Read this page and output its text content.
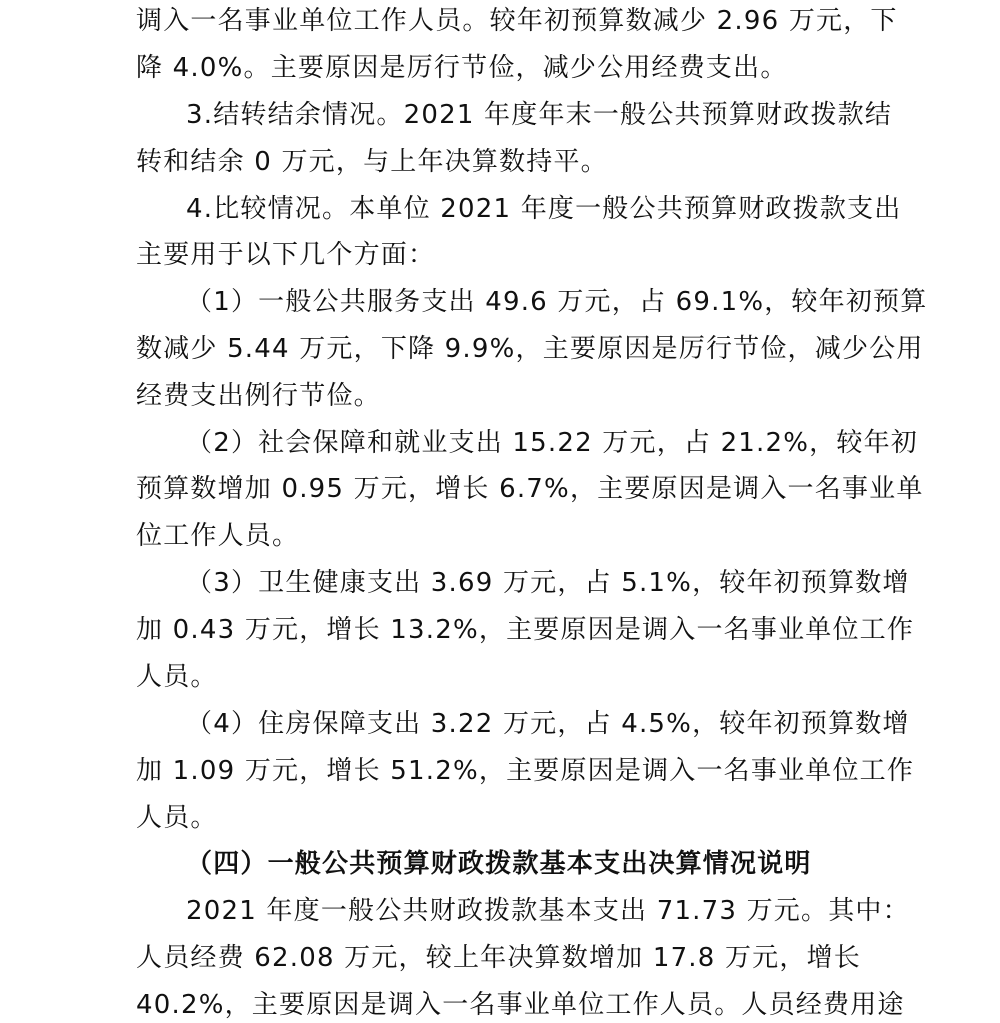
调入一名事业单位工作人员。较年初预算数减少 2.96 万元，下
降 4.0%。主要原因是厉行节俭，减少公用经费支出。
3.结转结余情况。2021 年度年末一般公共预算财政拨款结
转和结余 0 万元，与上年决算数持平。
4.比较情况。本单位 2021 年度一般公共预算财政拨款支出
主要用于以下几个方面：
（1）一般公共服务支出 49.6 万元，占 69.1%，较年初预算
数减少 5.44 万元，下降 9.9%，主要原因是厉行节俭，减少公用
经费支出例行节俭。
（2）社会保障和就业支出 15.22 万元，占 21.2%，较年初
预算数增加 0.95 万元，增长 6.7%，主要原因是调入一名事业单
位工作人员。
（3）卫生健康支出 3.69 万元，占 5.1%，较年初预算数增
加 0.43 万元，增长 13.2%，主要原因是调入一名事业单位工作
人员。
（4）住房保障支出 3.22 万元，占 4.5%，较年初预算数增
加 1.09 万元，增长 51.2%，主要原因是调入一名事业单位工作
人员。
（四）一般公共预算财政拨款基本支出决算情况说明
2021 年度一般公共财政拨款基本支出 71.73 万元。其中：
人员经费 62.08 万元，较上年决算数增加 17.8 万元，增长
40.2%，主要原因是调入一名事业单位工作人员。人员经费用途
